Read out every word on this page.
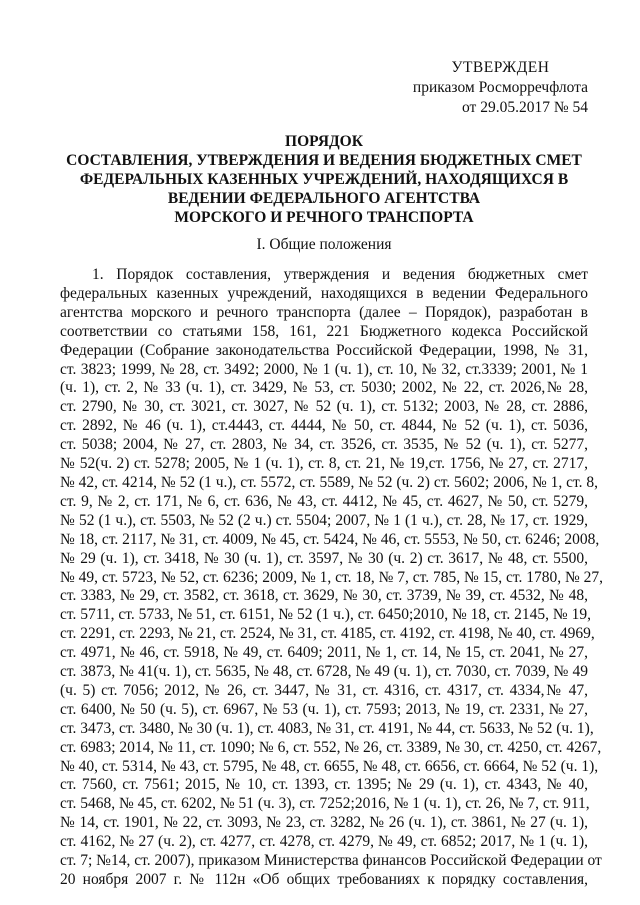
УТВЕРЖДЕН
приказом Росморречфлота
от 29.05.2017 № 54
ПОРЯДОК
СОСТАВЛЕНИЯ, УТВЕРЖДЕНИЯ И ВЕДЕНИЯ БЮДЖЕТНЫХ СМЕТ
ФЕДЕРАЛЬНЫХ КАЗЕННЫХ УЧРЕЖДЕНИЙ, НАХОДЯЩИХСЯ В
ВЕДЕНИИ ФЕДЕРАЛЬНОГО АГЕНТСТВА
МОРСКОГО И РЕЧНОГО ТРАНСПОРТА
I. Общие положения
1. Порядок составления, утверждения и ведения бюджетных смет
федеральных казенных учреждений, находящихся в ведении Федерального
агентства морского и речного транспорта (далее – Порядок), разработан в
соответствии со статьями 158, 161, 221 Бюджетного кодекса Российской
Федерации (Собрание законодательства Российской Федерации, 1998, № 31,
ст. 3823; 1999, № 28, ст. 3492; 2000, № 1 (ч. 1), ст. 10, № 32, ст.3339; 2001, № 1
(ч. 1), ст. 2, № 33 (ч. 1), ст. 3429, № 53, ст. 5030; 2002, № 22, ст. 2026,№ 28,
ст. 2790, № 30, ст. 3021, ст. 3027, № 52 (ч. 1), ст. 5132; 2003, № 28, ст. 2886,
ст. 2892, № 46 (ч. 1), ст.4443, ст. 4444, № 50, ст. 4844, № 52 (ч. 1), ст. 5036,
ст. 5038; 2004, № 27, ст. 2803, № 34, ст. 3526, ст. 3535, № 52 (ч. 1), ст. 5277,
№ 52(ч. 2) ст. 5278; 2005, № 1 (ч. 1), ст. 8, ст. 21, № 19,ст. 1756, № 27, ст. 2717,
№ 42, ст. 4214, № 52 (1 ч.), ст. 5572, ст. 5589, № 52 (ч. 2) ст. 5602; 2006, № 1, ст. 8,
ст. 9, № 2, ст. 171, № 6, ст. 636, № 43, ст. 4412, № 45, ст. 4627, № 50, ст. 5279,
№ 52 (1 ч.), ст. 5503, № 52 (2 ч.) ст. 5504; 2007, № 1 (1 ч.), ст. 28, № 17, ст. 1929,
№ 18, ст. 2117, № 31, ст. 4009, № 45, ст. 5424, № 46, ст. 5553, № 50, ст. 6246; 2008,
№ 29 (ч. 1), ст. 3418, № 30 (ч. 1), ст. 3597, № 30 (ч. 2) ст. 3617, № 48, ст. 5500,
№ 49, ст. 5723, № 52, ст. 6236; 2009, № 1, ст. 18, № 7, ст. 785, № 15, ст. 1780, № 27,
ст. 3383, № 29, ст. 3582, ст. 3618, ст. 3629, № 30, ст. 3739, № 39, ст. 4532, № 48,
ст. 5711, ст. 5733, № 51, ст. 6151, № 52 (1 ч.), ст. 6450;2010, № 18, ст. 2145, № 19,
ст. 2291, ст. 2293, № 21, ст. 2524, № 31, ст. 4185, ст. 4192, ст. 4198, № 40, ст. 4969,
ст. 4971, № 46, ст. 5918, № 49, ст. 6409; 2011, № 1, ст. 14, № 15, ст. 2041, № 27,
ст. 3873, № 41(ч. 1), ст. 5635, № 48, ст. 6728, № 49 (ч. 1), ст. 7030, ст. 7039, № 49
(ч. 5) ст. 7056; 2012, № 26, ст. 3447, № 31, ст. 4316, ст. 4317, ст. 4334,№ 47,
ст. 6400, № 50 (ч. 5), ст. 6967, № 53 (ч. 1), ст. 7593; 2013, № 19, ст. 2331, № 27,
ст. 3473, ст. 3480, № 30 (ч. 1), ст. 4083, № 31, ст. 4191, № 44, ст. 5633, № 52 (ч. 1),
ст. 6983; 2014, № 11, ст. 1090; № 6, ст. 552, № 26, ст. 3389, № 30, ст. 4250, ст. 4267,
№ 40, ст. 5314, № 43, ст. 5795, № 48, ст. 6655, № 48, ст. 6656, ст. 6664, № 52 (ч. 1),
ст. 7560, ст. 7561; 2015, № 10, ст. 1393, ст. 1395; № 29 (ч. 1), ст. 4343, № 40,
ст. 5468, № 45, ст. 6202, № 51 (ч. 3), ст. 7252;2016, № 1 (ч. 1), ст. 26, № 7, ст. 911,
№ 14, ст. 1901, № 22, ст. 3093, № 23, ст. 3282, № 26 (ч. 1), ст. 3861, № 27 (ч. 1),
ст. 4162, № 27 (ч. 2), ст. 4277, ст. 4278, ст. 4279, № 49, ст. 6852; 2017, № 1 (ч. 1),
ст. 7; №14, ст. 2007), приказом Министерства финансов Российской Федерации от
20 ноября 2007 г. № 112н «Об общих требованиях к порядку составления,
